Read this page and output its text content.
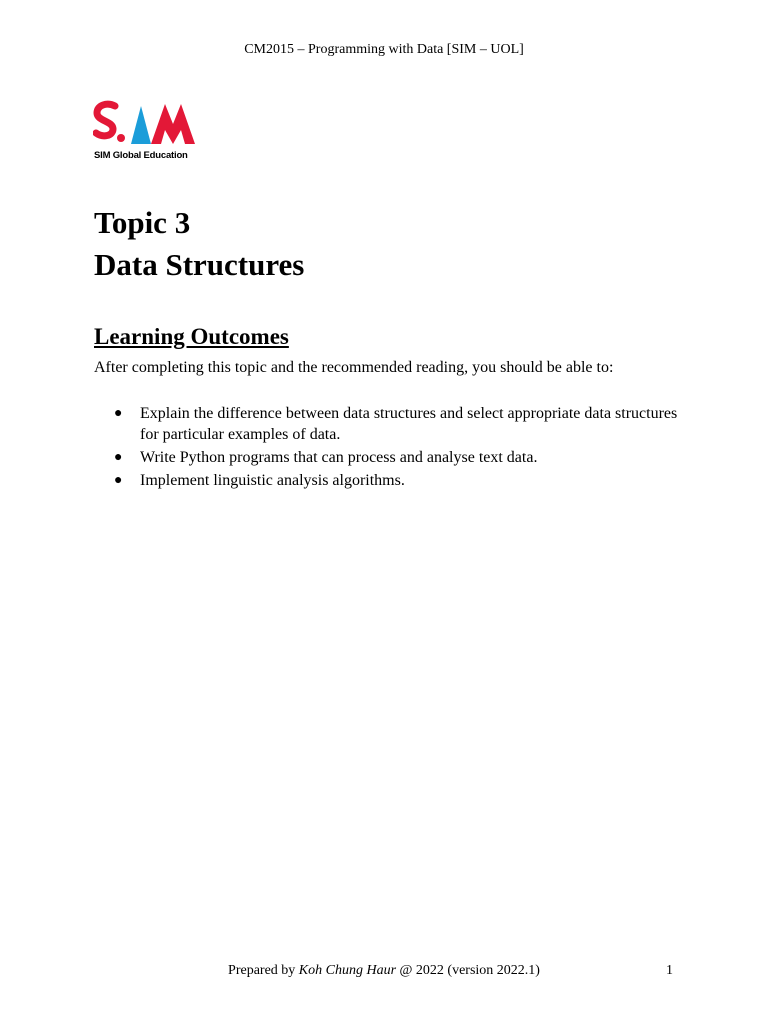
CM2015 – Programming with Data [SIM – UOL]
SIM Global Education
Topic 3
Data Structures
Learning Outcomes
After completing this topic and the recommended reading, you should be able to:
● Explain the difference between data structures and select appropriate data structures for particular examples of data.
● Write Python programs that can process and analyse text data.
● Implement linguistic analysis algorithms.
Prepared by Koh Chung Haur @ 2022 (version 2022.1)	1
